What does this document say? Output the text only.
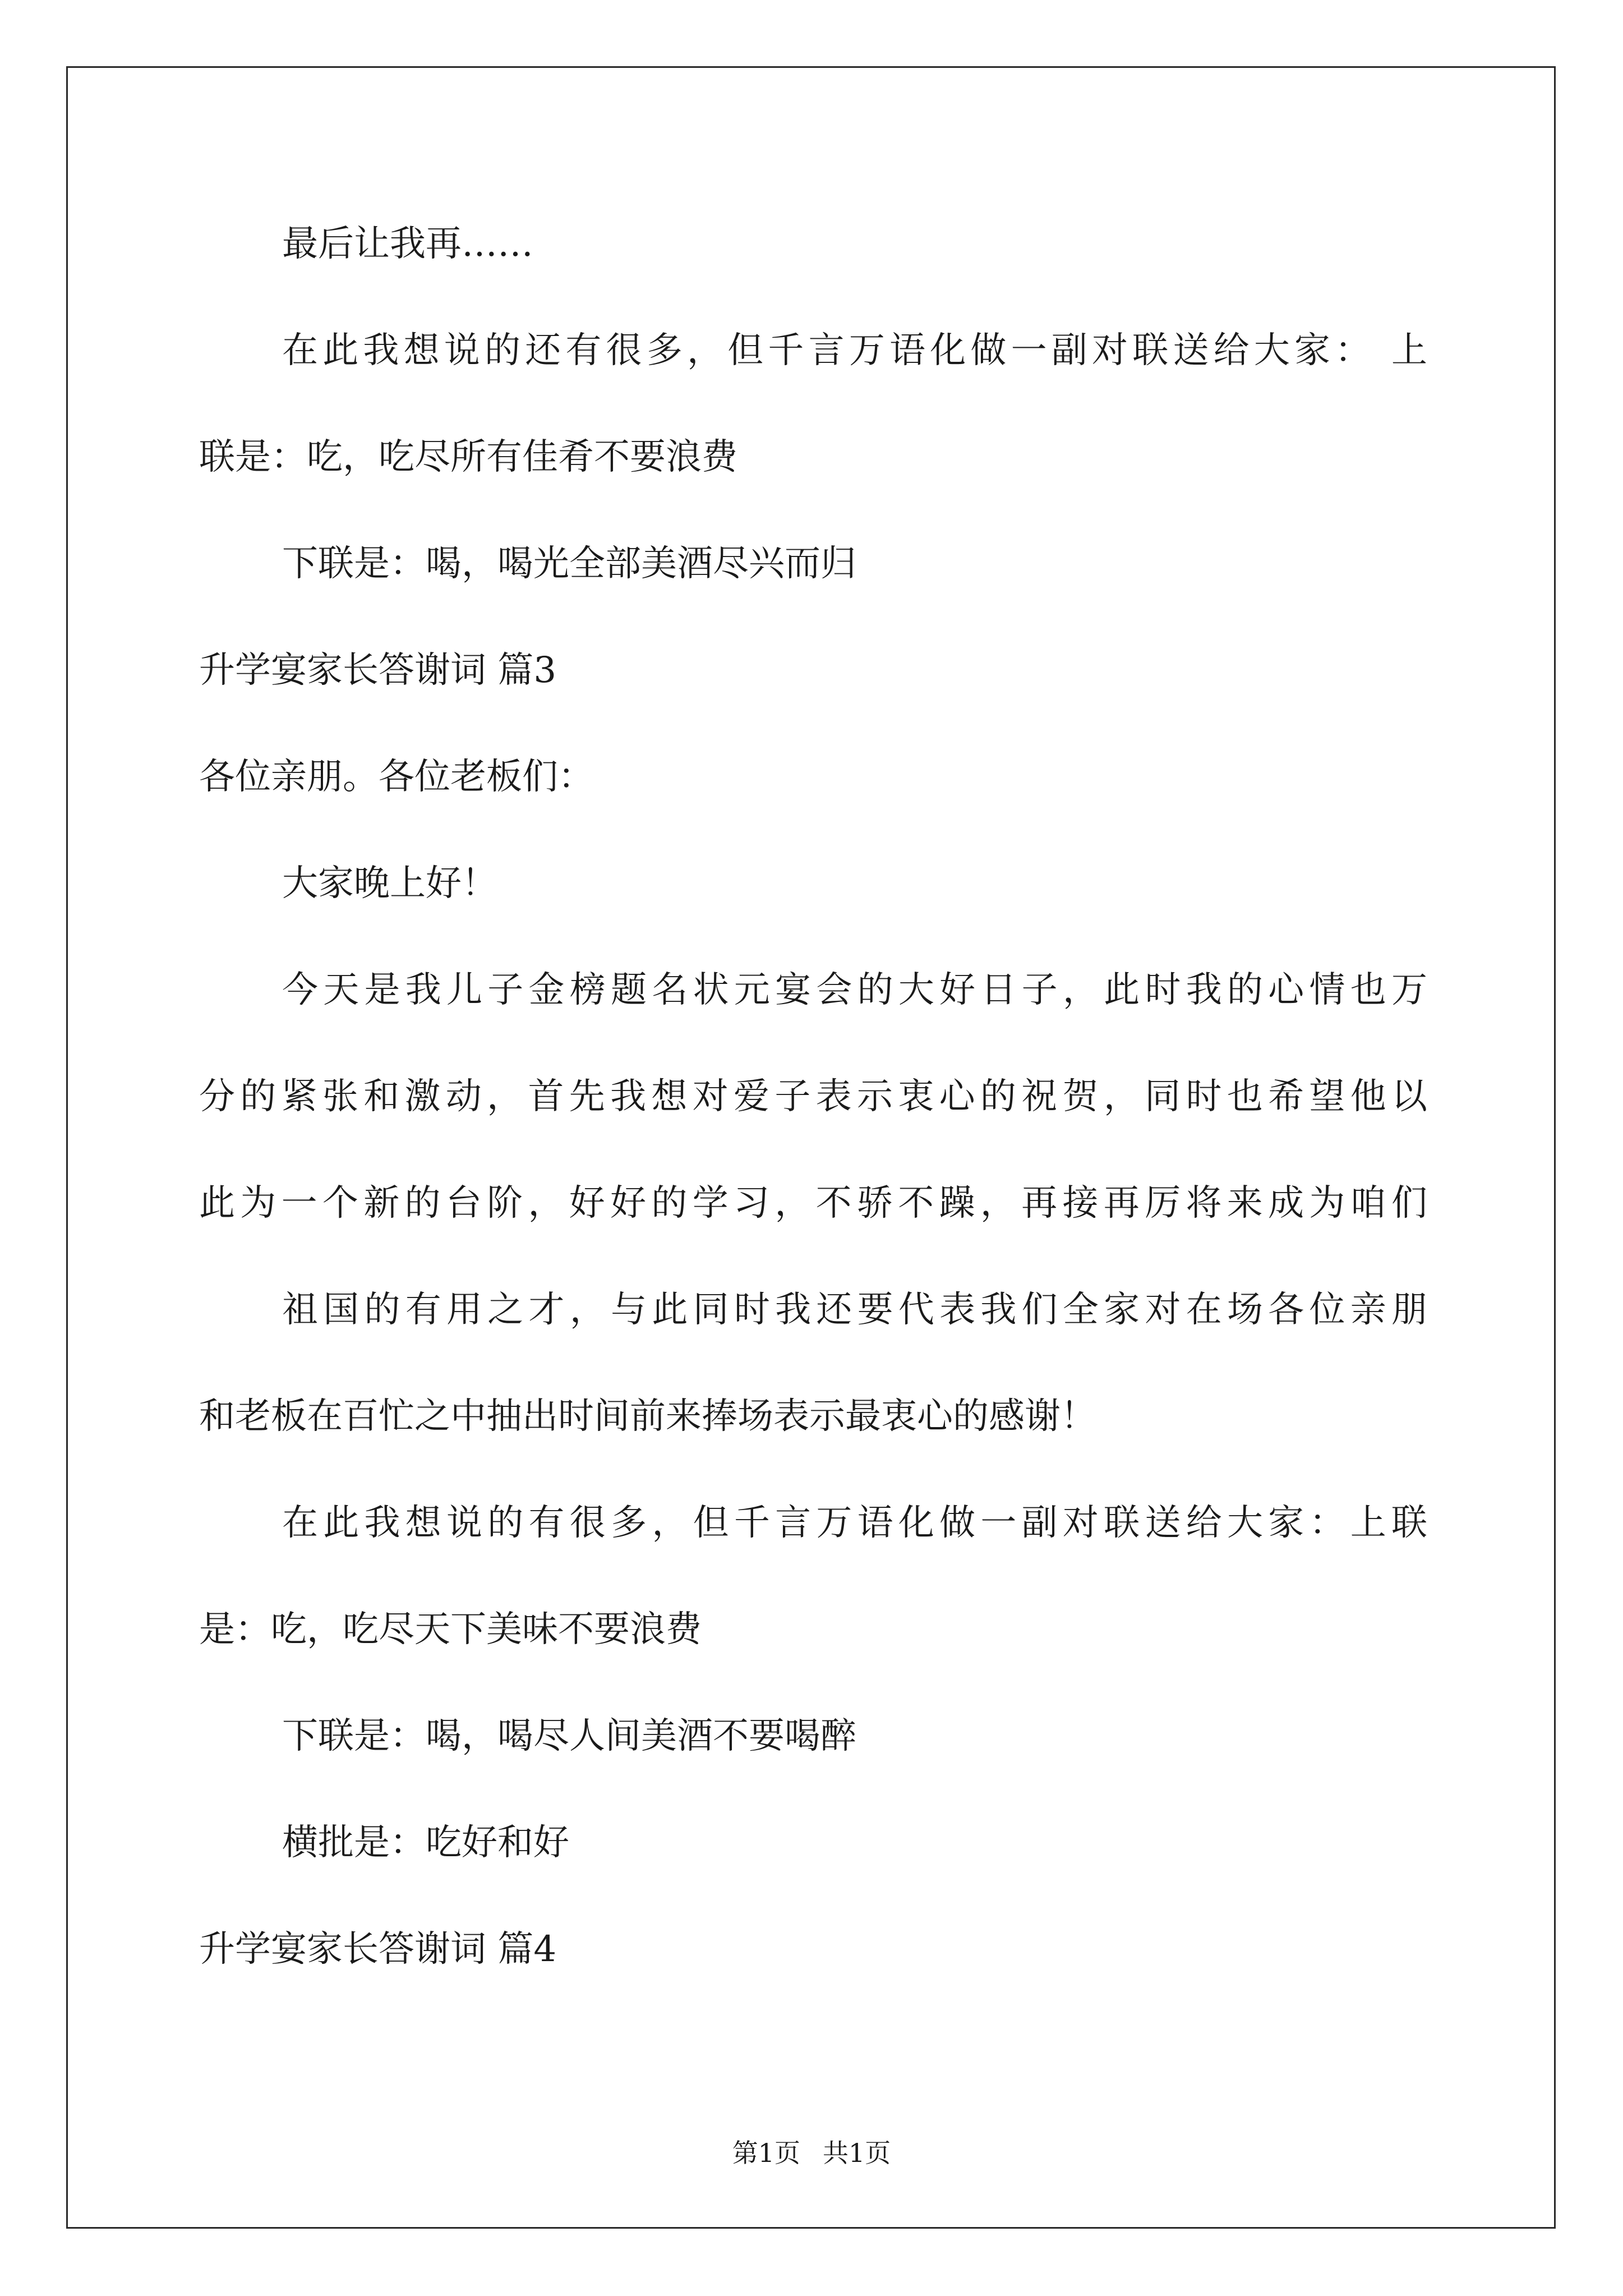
最后让我再……
在此我想说的还有很多，但千言万语化做一副对联送给大家： 上
联是：吃，吃尽所有佳肴不要浪费
下联是：喝，喝光全部美酒尽兴而归
升学宴家长答谢词 篇3
各位亲朋。各位老板们：
大家晚上好！
今天是我儿子金榜题名状元宴会的大好日子，此时我的心情也万
分的紧张和激动，首先我想对爱子表示衷心的祝贺，同时也希望他以
此为一个新的台阶，好好的学习，不骄不躁，再接再厉将来成为咱们
祖国的有用之才，与此同时我还要代表我们全家对在场各位亲朋
和老板在百忙之中抽出时间前来捧场表示最衷心的感谢！
在此我想说的有很多，但千言万语化做一副对联送给大家：上联
是：吃，吃尽天下美味不要浪费
下联是：喝，喝尽人间美酒不要喝醉
横批是：吃好和好
升学宴家长答谢词 篇4
第1页 共1页
